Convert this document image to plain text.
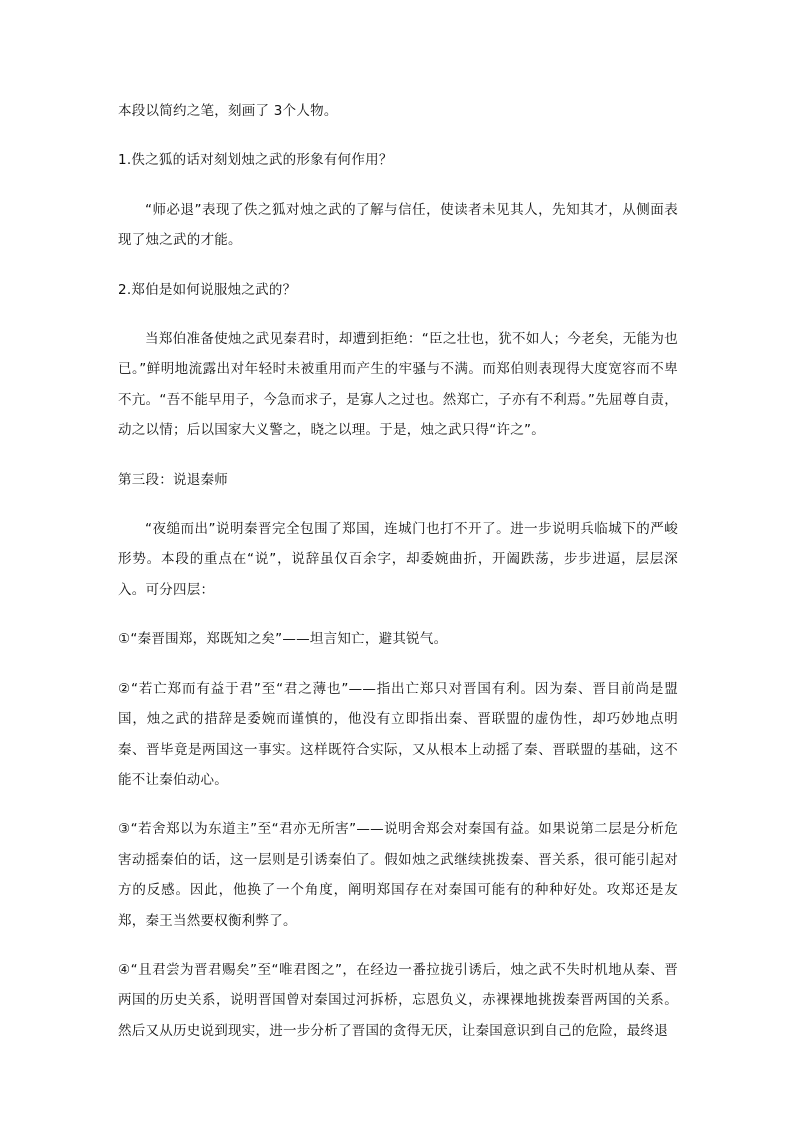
本段以简约之笔，刻画了 3个人物。

1.佚之狐的话对刻划烛之武的形象有何作用？

“师必退”表现了佚之狐对烛之武的了解与信任，使读者未见其人，先知其才，从侧面表现了烛之武的才能。

2.郑伯是如何说服烛之武的？

当郑伯准备使烛之武见秦君时，却遭到拒绝：“臣之壮也，犹不如人；今老矣，无能为也已。”鲜明地流露出对年轻时未被重用而产生的牢骚与不满。而郑伯则表现得大度宽容而不卑不亢。“吾不能早用子，今急而求子，是寡人之过也。然郑亡，子亦有不利焉。”先屈尊自责，动之以情；后以国家大义警之，晓之以理。于是，烛之武只得“许之”。

第三段：说退秦师

“夜缒而出”说明秦晋完全包围了郑国，连城门也打不开了。进一步说明兵临城下的严峻形势。本段的重点在“说”，说辞虽仅百余字，却委婉曲折，开阖跌荡，步步进逼，层层深入。可分四层：

①“秦晋围郑，郑既知之矣”——坦言知亡，避其锐气。

②“若亡郑而有益于君”至“君之薄也”——指出亡郑只对晋国有利。因为秦、晋目前尚是盟国，烛之武的措辞是委婉而谨慎的，他没有立即指出秦、晋联盟的虚伪性，却巧妙地点明秦、晋毕竟是两国这一事实。这样既符合实际，又从根本上动摇了秦、晋联盟的基础，这不能不让秦伯动心。

③“若舍郑以为东道主”至“君亦无所害”——说明舍郑会对秦国有益。如果说第二层是分析危害动摇秦伯的话，这一层则是引诱秦伯了。假如烛之武继续挑拨秦、晋关系，很可能引起对方的反感。因此，他换了一个角度，阐明郑国存在对秦国可能有的种种好处。攻郑还是友郑，秦王当然要权衡利弊了。

④“且君尝为晋君赐矣”至“唯君图之”，在经边一番拉拢引诱后，烛之武不失时机地从秦、晋两国的历史关系，说明晋国曾对秦国过河拆桥，忘恩负义，赤裸裸地挑拨秦晋两国的关系。然后又从历史说到现实，进一步分析了晋国的贪得无厌，让秦国意识到自己的危险，最终退
